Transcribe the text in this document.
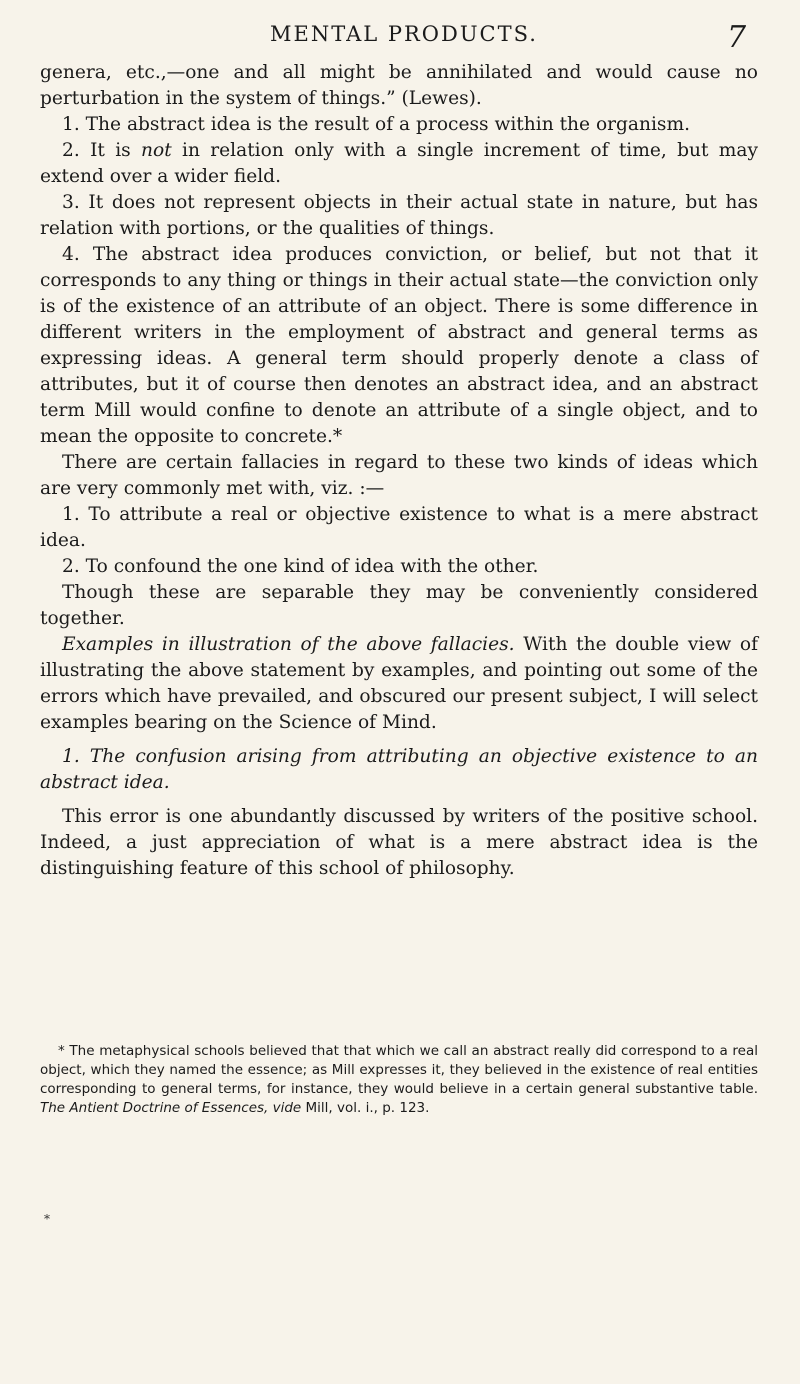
MENTAL PRODUCTS.	7

genera, etc.,—one and all might be annihilated and would cause no perturbation in the system of things.” (Lewes).

1. The abstract idea is the result of a process within the organism.

2. It is not in relation only with a single increment of time, but may extend over a wider field.

3. It does not represent objects in their actual state in nature, but has relation with portions, or the qualities of things.

4. The abstract idea produces conviction, or belief, but not that it corresponds to any thing or things in their actual state—the conviction only is of the existence of an attribute of an object. There is some difference in different writers in the employment of abstract and general terms as expressing ideas. A general term should properly denote a class of attributes, but it of course then denotes an abstract idea, and an abstract term Mill would confine to denote an attribute of a single object, and to mean the opposite to concrete.*

There are certain fallacies in regard to these two kinds of ideas which are very commonly met with, viz. :—

1. To attribute a real or objective existence to what is a mere abstract idea.

2. To confound the one kind of idea with the other.

Though these are separable they may be conveniently considered together.

Examples in illustration of the above fallacies. With the double view of illustrating the above statement by examples, and pointing out some of the errors which have prevailed, and obscured our present subject, I will select examples bearing on the Science of Mind.

1. The confusion arising from attributing an objective existence to an abstract idea.

This error is one abundantly discussed by writers of the positive school. Indeed, a just appreciation of what is a mere abstract idea is the distinguishing feature of this school of philosophy.

* The metaphysical schools believed that that which we call an abstract really did correspond to a real object, which they named the essence; as Mill expresses it, they believed in the existence of real entities corresponding to general terms, for instance, they would believe in a certain general substantive table. The Antient Doctrine of Essences, vide Mill, vol. i., p. 123.

*
